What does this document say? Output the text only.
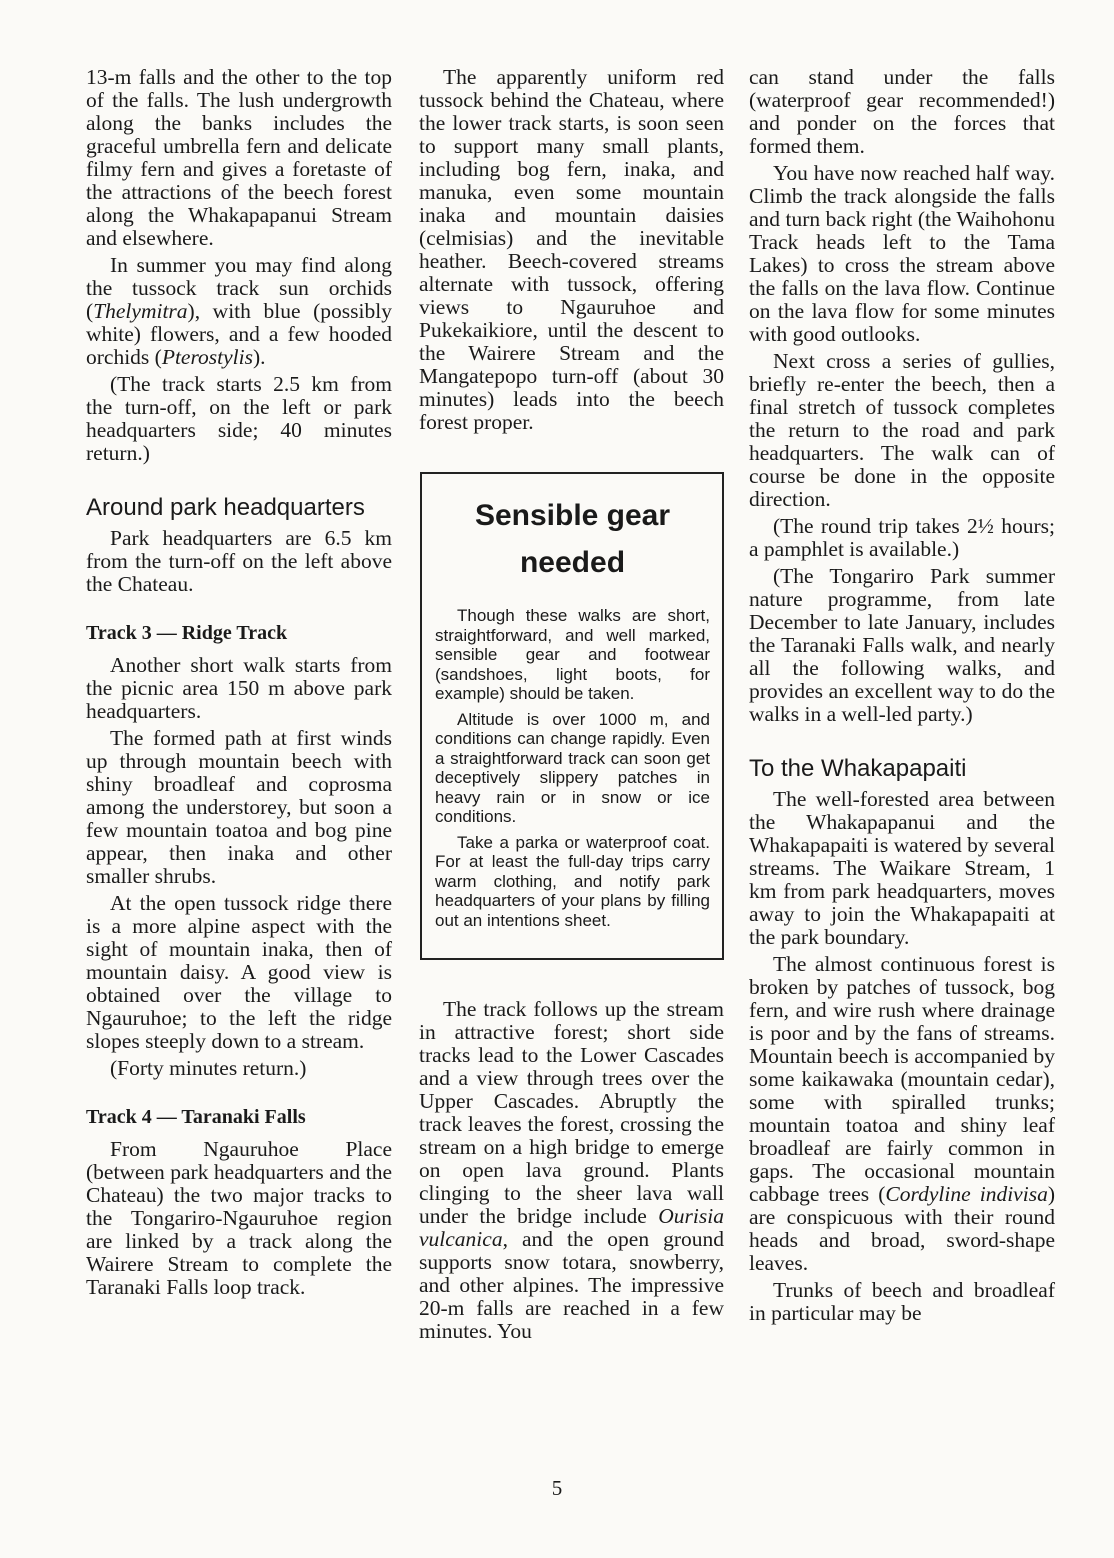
13-m falls and the other to the top of the falls. The lush undergrowth along the banks includes the graceful umbrella fern and delicate filmy fern and gives a foretaste of the attractions of the beech forest along the Whakapapanui Stream and elsewhere.

In summer you may find along the tussock track sun orchids (Thelymitra), with blue (possibly white) flowers, and a few hooded orchids (Pterostylis).

(The track starts 2.5 km from the turn-off, on the left or park headquarters side; 40 minutes return.)

Around park headquarters

Park headquarters are 6.5 km from the turn-off on the left above the Chateau.

Track 3 — Ridge Track

Another short walk starts from the picnic area 150 m above park headquarters.

The formed path at first winds up through mountain beech with shiny broadleaf and coprosma among the understorey, but soon a few mountain toatoa and bog pine appear, then inaka and other smaller shrubs.

At the open tussock ridge there is a more alpine aspect with the sight of mountain inaka, then of mountain daisy. A good view is obtained over the village to Ngauruhoe; to the left the ridge slopes steeply down to a stream.

(Forty minutes return.)

Track 4 — Taranaki Falls

From Ngauruhoe Place (between park headquarters and the Chateau) the two major tracks to the Tongariro-Ngauruhoe region are linked by a track along the Wairere Stream to complete the Taranaki Falls loop track.

The apparently uniform red tussock behind the Chateau, where the lower track starts, is soon seen to support many small plants, including bog fern, inaka, and manuka, even some mountain inaka and mountain daisies (celmisias) and the inevitable heather. Beech-covered streams alternate with tussock, offering views to Ngauruhoe and Pukekaikiore, until the descent to the Wairere Stream and the Mangatepopo turn-off (about 30 minutes) leads into the beech forest proper.

Sensible gear needed

Though these walks are short, straightforward, and well marked, sensible gear and footwear (sandshoes, light boots, for example) should be taken.

Altitude is over 1000 m, and conditions can change rapidly. Even a straightforward track can soon get deceptively slippery patches in heavy rain or in snow or ice conditions.

Take a parka or waterproof coat. For at least the full-day trips carry warm clothing, and notify park headquarters of your plans by filling out an intentions sheet.

The track follows up the stream in attractive forest; short side tracks lead to the Lower Cascades and a view through trees over the Upper Cascades. Abruptly the track leaves the forest, crossing the stream on a high bridge to emerge on open lava ground. Plants clinging to the sheer lava wall under the bridge include Ourisia vulcanica, and the open ground supports snow totara, snowberry, and other alpines. The impressive 20-m falls are reached in a few minutes. You

can stand under the falls (waterproof gear recommended!) and ponder on the forces that formed them.

You have now reached half way. Climb the track alongside the falls and turn back right (the Waihohonu Track heads left to the Tama Lakes) to cross the stream above the falls on the lava flow. Continue on the lava flow for some minutes with good outlooks.

Next cross a series of gullies, briefly re-enter the beech, then a final stretch of tussock completes the return to the road and park headquarters. The walk can of course be done in the opposite direction.

(The round trip takes 2½ hours; a pamphlet is available.)

(The Tongariro Park summer nature programme, from late December to late January, includes the Taranaki Falls walk, and nearly all the following walks, and provides an excellent way to do the walks in a well-led party.)

To the Whakapapaiti

The well-forested area between the Whakapapanui and the Whakapapaiti is watered by several streams. The Waikare Stream, 1 km from park headquarters, moves away to join the Whakapapaiti at the park boundary.

The almost continuous forest is broken by patches of tussock, bog fern, and wire rush where drainage is poor and by the fans of streams. Mountain beech is accompanied by some kaikawaka (mountain cedar), some with spiralled trunks; mountain toatoa and shiny leaf broadleaf are fairly common in gaps. The occasional mountain cabbage trees (Cordyline indivisa) are conspicuous with their round heads and broad, sword-shape leaves.

Trunks of beech and broadleaf in particular may be

5
